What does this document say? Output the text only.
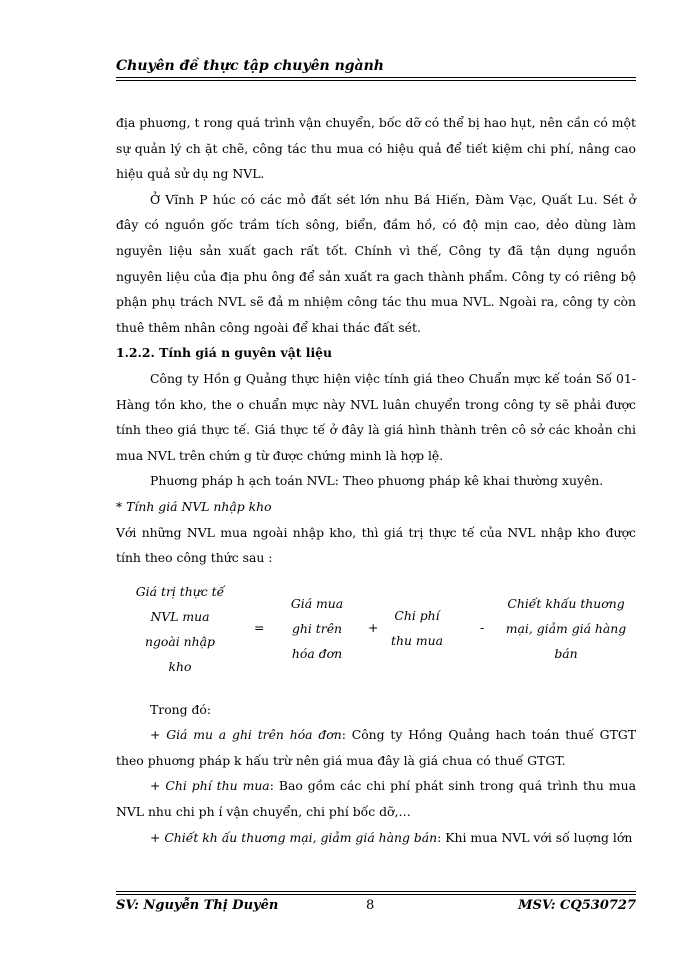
Chuyên đề thực tập chuyên ngành

địa phuơng, t rong quá trình vận chuyển, bốc dỡ có thể bị hao hụt, nên cần có một sự quản lý ch ặt chẽ, công tác thu mua có hiệu quả để tiết kiệm chi phí, nâng cao hiệu quả sử dụ ng NVL.

Ở Vĩnh P húc có các mỏ đất sét lớn nhu Bá Hiến, Đàm Vạc, Quất Lu. Sét ở đây có nguồn gốc trầm tích sông, biển, đầm hồ, có độ mịn cao, dẻo dùng làm nguyên liệu sản xuất gach rất tốt. Chính vì thế, Công ty đã tận dụng nguồn nguyên liệu của địa phu ông để sản xuất ra gach thành phẩm. Công ty có riêng bộ phận phụ trách NVL sẽ đả m nhiệm công tác thu mua NVL. Ngoài ra, công ty còn thuê thêm nhân công ngoài để khai thác đất sét.

1.2.2. Tính giá n guyên vật liệu

Công ty Hồn g Quảng thực hiện việc tính giá theo Chuẩn mực kế toán Số 01- Hàng tồn kho, the o chuẩn mực này NVL luân chuyển trong công ty sẽ phải được tính theo giá thực tế. Giá thực tế ở đây là giá hình thành trên cô sở các khoản chi mua NVL trên chứn g từ được chứng minh là hợp lệ.

Phuơng pháp h ạch toán NVL: Theo phuơng pháp kê khai thường xuyên.

* Tính giá NVL nhập kho

Với những NVL mua ngoài nhập kho, thì giá trị thực tế của NVL nhập kho được tính theo công thức sau :

Giá trị thực tế
NVL mua
ngoài nhập
kho
=
Giá mua
ghi trên
hóa đơn
+
Chi phí
thu mua
-
Chiết khấu thuơng
mại, giảm giá hàng
bán

Trong đó:

+ Giá mu a ghi trên hóa đơn: Công ty Hồng Quảng hach toán thuế GTGT theo phuơng pháp k hấu trừ nên giá mua đây là giá chua có thuế GTGT.

+ Chi phí thu mua: Bao gồm các chi phí phát sinh trong quá trình thu mua NVL nhu chi ph í vận chuyển, chi phí bốc dỡ,…

+ Chiết kh ấu thuơng mại, giảm giá hàng bán: Khi mua NVL với số luợng lớn

SV: Nguyễn Thị Duyên	8	MSV: CQ530727
